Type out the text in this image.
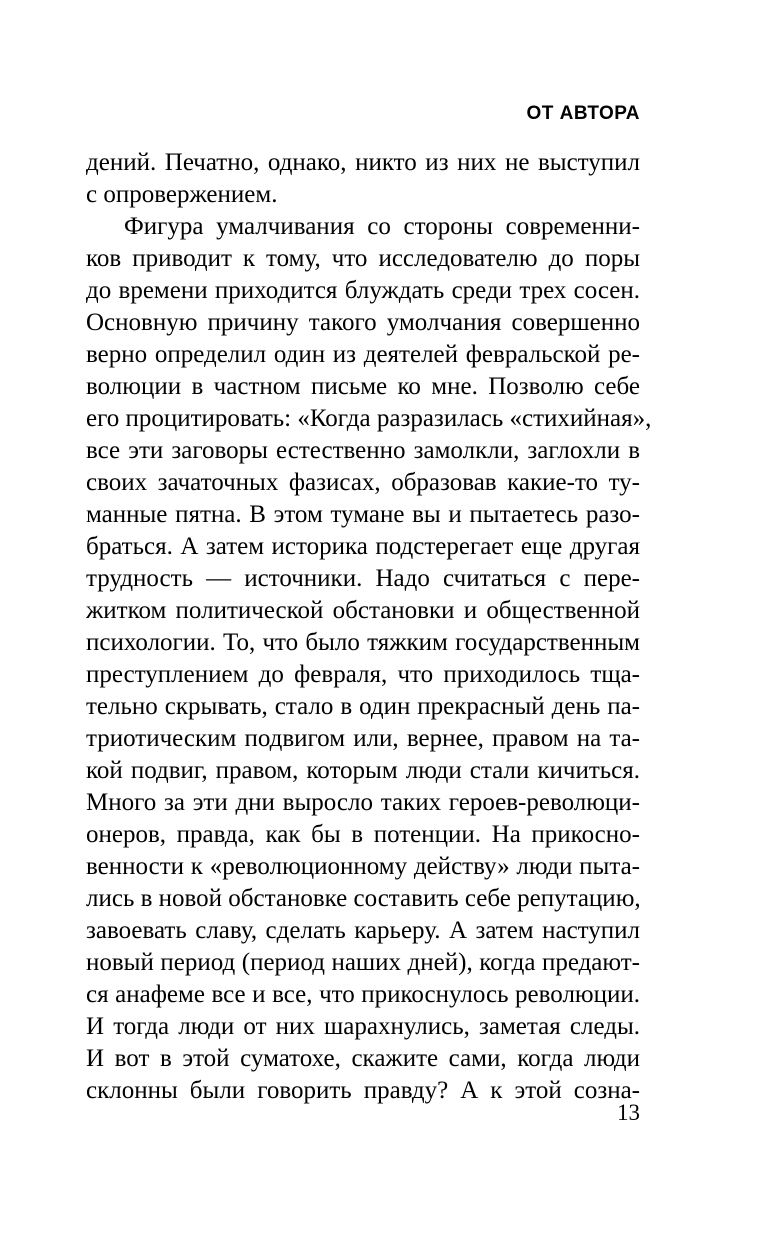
ОТ АВТОРА
дений. Печатно, однако, никто из них не выступил
с опровержением.
Фигура умалчивания со стороны современни-
ков приводит к тому, что исследователю до поры
до времени приходится блуждать среди трех сосен.
Основную причину такого умолчания совершенно
верно определил один из деятелей февральской ре-
волюции в частном письме ко мне. Позволю себе
его процитировать: «Когда разразилась «стихийная»,
все эти заговоры естественно замолкли, заглохли в
своих зачаточных фазисах, образовав какие-то ту-
манные пятна. В этом тумане вы и пытаетесь разо-
браться. А затем историка подстерегает еще другая
трудность — источники. Надо считаться с пере-
житком политической обстановки и общественной
психологии. То, что было тяжким государственным
преступлением до февраля, что приходилось тща-
тельно скрывать, стало в один прекрасный день па-
триотическим подвигом или, вернее, правом на та-
кой подвиг, правом, которым люди стали кичиться.
Много за эти дни выросло таких героев-революци-
онеров, правда, как бы в потенции. На прикосно-
венности к «революционному действу» люди пыта-
лись в новой обстановке составить себе репутацию,
завоевать славу, сделать карьеру. А затем наступил
новый период (период наших дней), когда предают-
ся анафеме все и все, что прикоснулось революции.
И тогда люди от них шарахнулись, заметая следы.
И вот в этой суматохе, скажите сами, когда люди
склонны были говорить правду? А к этой созна-
13
